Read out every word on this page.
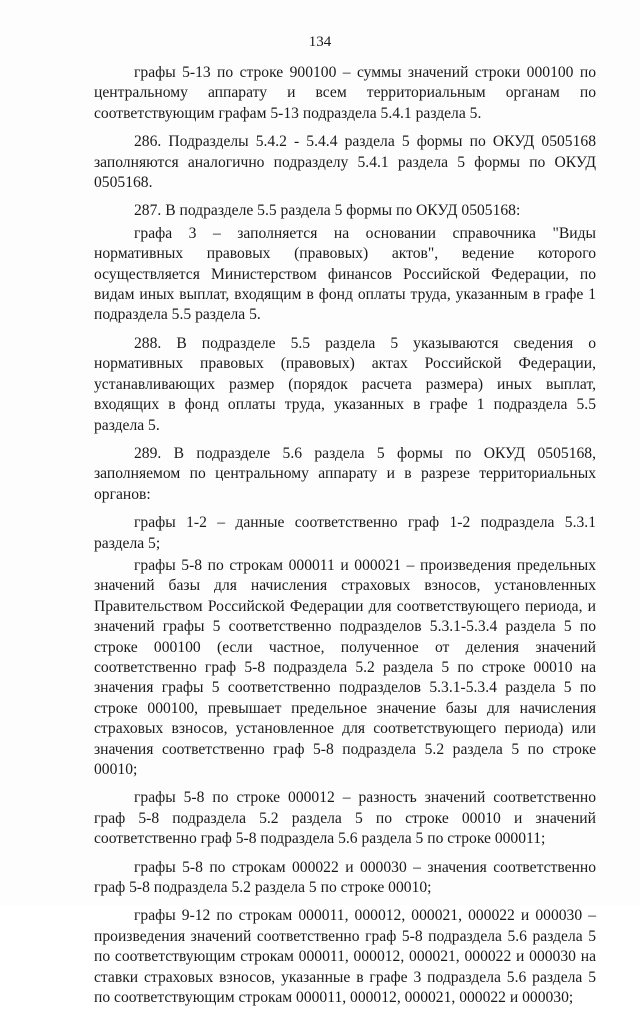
134

графы 5-13 по строке 900100 – суммы значений строки 000100 по центральному аппарату и всем территориальным органам по соответствующим графам 5-13 подраздела 5.4.1 раздела 5.

286. Подразделы 5.4.2 - 5.4.4 раздела 5 формы по ОКУД 0505168 заполняются аналогично подразделу 5.4.1 раздела 5 формы по ОКУД 0505168.

287. В подразделе 5.5 раздела 5 формы по ОКУД 0505168:

графа 3 – заполняется на основании справочника "Виды нормативных правовых (правовых) актов", ведение которого осуществляется Министерством финансов Российской Федерации, по видам иных выплат, входящим в фонд оплаты труда, указанным в графе 1 подраздела 5.5 раздела 5.

288. В подразделе 5.5 раздела 5 указываются сведения о нормативных правовых (правовых) актах Российской Федерации, устанавливающих размер (порядок расчета размера) иных выплат, входящих в фонд оплаты труда, указанных в графе 1 подраздела 5.5 раздела 5.

289. В подразделе 5.6 раздела 5 формы по ОКУД 0505168, заполняемом по центральному аппарату и в разрезе территориальных органов:

графы 1-2 – данные соответственно граф 1-2 подраздела 5.3.1 раздела 5;

графы 5-8 по строкам 000011 и 000021 – произведения предельных значений базы для начисления страховых взносов, установленных Правительством Российской Федерации для соответствующего периода, и значений графы 5 соответственно подразделов 5.3.1-5.3.4 раздела 5 по строке 000100 (если частное, полученное от деления значений соответственно граф 5-8 подраздела 5.2 раздела 5 по строке 00010 на значения графы 5 соответственно подразделов 5.3.1-5.3.4 раздела 5 по строке 000100, превышает предельное значение базы для начисления страховых взносов, установленное для соответствующего периода) или значения соответственно граф 5-8 подраздела 5.2 раздела 5 по строке 00010;

графы 5-8 по строке 000012 – разность значений соответственно граф 5-8 подраздела 5.2 раздела 5 по строке 00010 и значений соответственно граф 5-8 подраздела 5.6 раздела 5 по строке 000011;

графы 5-8 по строкам 000022 и 000030 – значения соответственно граф 5-8 подраздела 5.2 раздела 5 по строке 00010;

графы 9-12 по строкам 000011, 000012, 000021, 000022 и 000030 – произведения значений соответственно граф 5-8 подраздела 5.6 раздела 5 по соответствующим строкам 000011, 000012, 000021, 000022 и 000030 на ставки страховых взносов, указанные в графе 3 подраздела 5.6 раздела 5 по соответствующим строкам 000011, 000012, 000021, 000022 и 000030;
